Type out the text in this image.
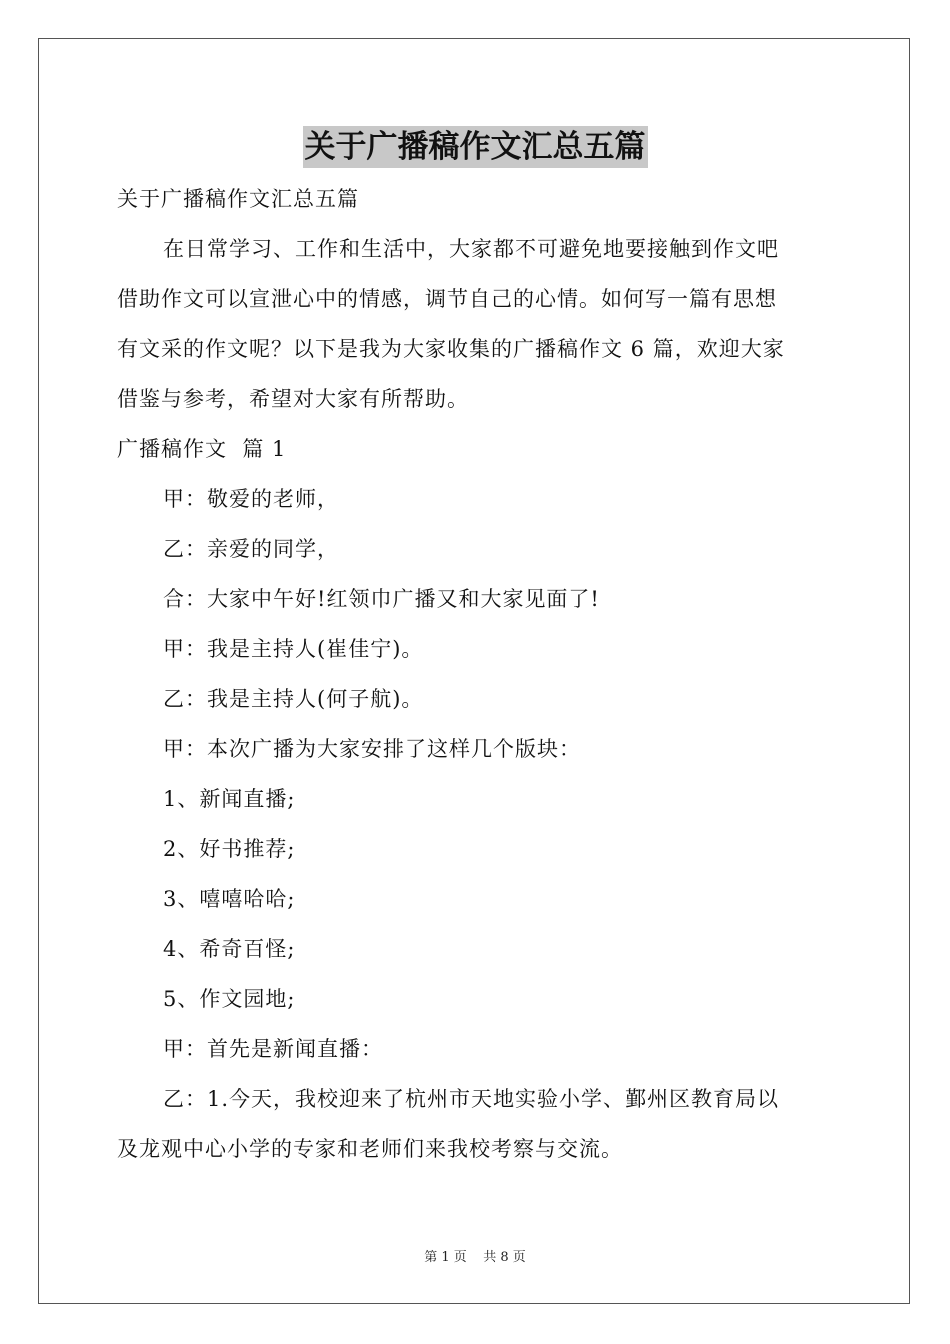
关于广播稿作文汇总五篇
关于广播稿作文汇总五篇
在日常学习、工作和生活中，大家都不可避免地要接触到作文吧
借助作文可以宣泄心中的情感，调节自己的心情。如何写一篇有思想
有文采的作文呢？以下是我为大家收集的广播稿作文 6 篇，欢迎大家
借鉴与参考，希望对大家有所帮助。
广播稿作文  篇 1
甲：敬爱的老师，
乙：亲爱的同学，
合：大家中午好!红领巾广播又和大家见面了!
甲：我是主持人(崔佳宁)。
乙：我是主持人(何子航)。
甲：本次广播为大家安排了这样几个版块：
1、新闻直播;
2、好书推荐;
3、嘻嘻哈哈;
4、希奇百怪;
5、作文园地;
甲：首先是新闻直播：
乙：1.今天，我校迎来了杭州市天地实验小学、鄞州区教育局以
及龙观中心小学的专家和老师们来我校考察与交流。
第 1 页    共 8 页
